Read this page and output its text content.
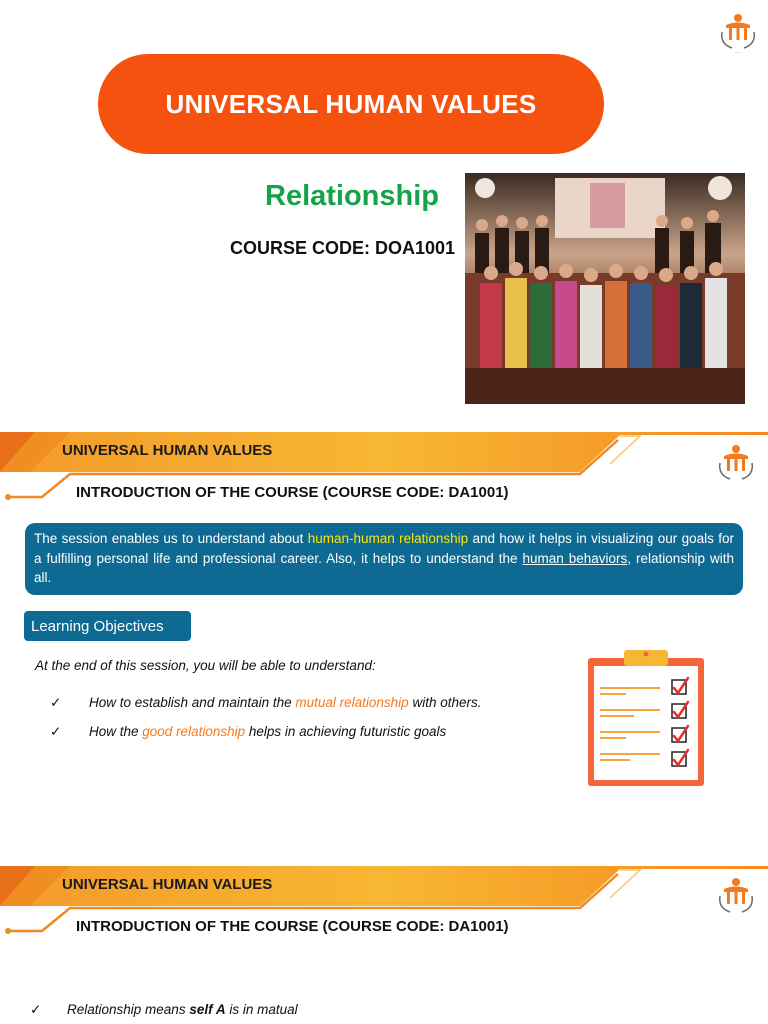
·····
UNIVERSAL HUMAN VALUES
Relationship
COURSE CODE: DOA1001
UNIVERSAL HUMAN VALUES
INTRODUCTION OF THE COURSE (COURSE CODE: DA1001)
The session enables us to understand about human-human relationship and how it helps in visualizing our goals for a fulfilling personal life and professional career. Also, it helps to understand the human behaviors, relationship with all.
Learning Objectives
At the end of this session, you will be able to understand:
✓	How to establish and maintain the mutual relationship with others.
✓	How the good relationship helps in achieving futuristic goals
UNIVERSAL HUMAN VALUES
INTRODUCTION OF THE COURSE (COURSE CODE: DA1001)
✓	Relationship means self A is in matual
